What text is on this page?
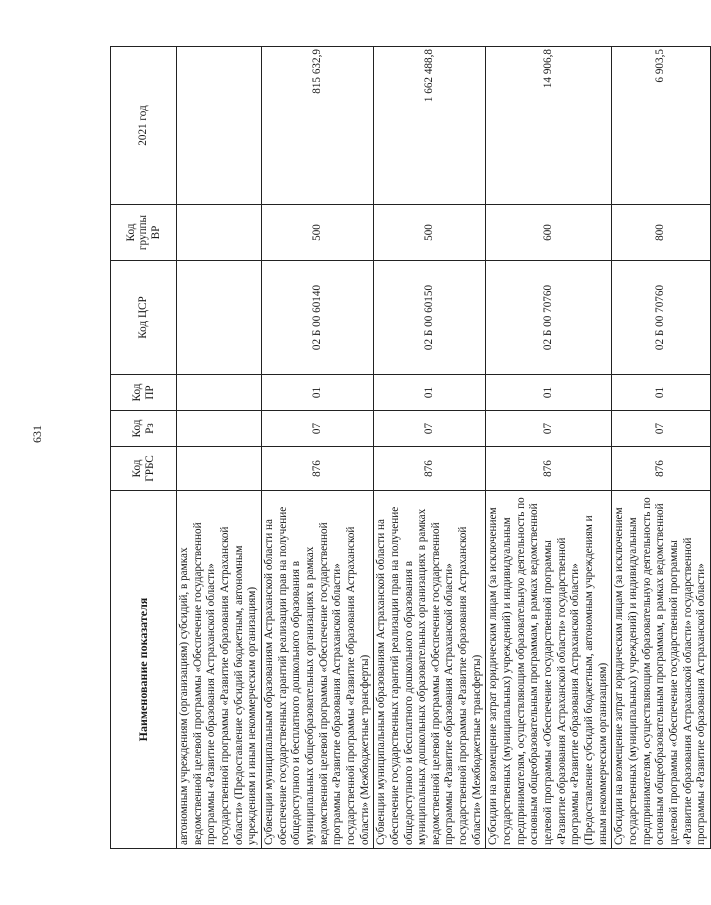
631
Наименование показателя	Код ГРБС	Код Рз	Код ПР	Код ЦСР	Код группы ВР	2021 год
автономным учреждениям (организациям) субсидий, в рамках ведомственной целевой программы «Обеспечение государственной программы «Развитие образования Астраханской области» государственной программы «Развитие образования Астраханской области» (Предоставление субсидий бюджетным, автономным учреждениям и иным некоммерческим организациям)						
Субвенции муниципальным образованиям Астраханской области на обеспечение государственных гарантий реализации прав на получение общедоступного и бесплатного дошкольного образования в муниципальных общеобразовательных организациях в рамках ведомственной целевой программы «Обеспечение государственной программы «Развитие образования Астраханской области» государственной программы «Развитие образования Астраханской области» (Межбюджетные трансферты)	876	07	01	02 Б 00 60140	500	815 632,9
Субвенции муниципальным образованиям Астраханской области на обеспечение государственных гарантий реализации прав на получение общедоступного и бесплатного дошкольного образования в муниципальных дошкольных образовательных организациях в рамках ведомственной целевой программы «Обеспечение государственной программы «Развитие образования Астраханской области» государственной программы «Развитие образования Астраханской области» (Межбюджетные трансферты)	876	07	01	02 Б 00 60150	500	1 662 488,8
Субсидии на возмещение затрат юридическим лицам (за исключением государственных (муниципальных) учреждений) и индивидуальным предпринимателям, осуществляющим образовательную деятельность по основным общеобразовательным программам, в рамках ведомственной целевой программы «Обеспечение государственной программы «Развитие образования Астраханской области» государственной программы «Развитие образования Астраханской области» (Предоставление субсидий бюджетным, автономным учреждениям и иным некоммерческим организациям)	876	07	01	02 Б 00 70760	600	14 906,8
Субсидии на возмещение затрат юридическим лицам (за исключением государственных (муниципальных) учреждений) и индивидуальным предпринимателям, осуществляющим образовательную деятельность по основным общеобразовательным программам, в рамках ведомственной целевой программы «Обеспечение государственной программы «Развитие образования Астраханской области» государственной программы «Развитие образования Астраханской области»	876	07	01	02 Б 00 70760	800	6 903,5
